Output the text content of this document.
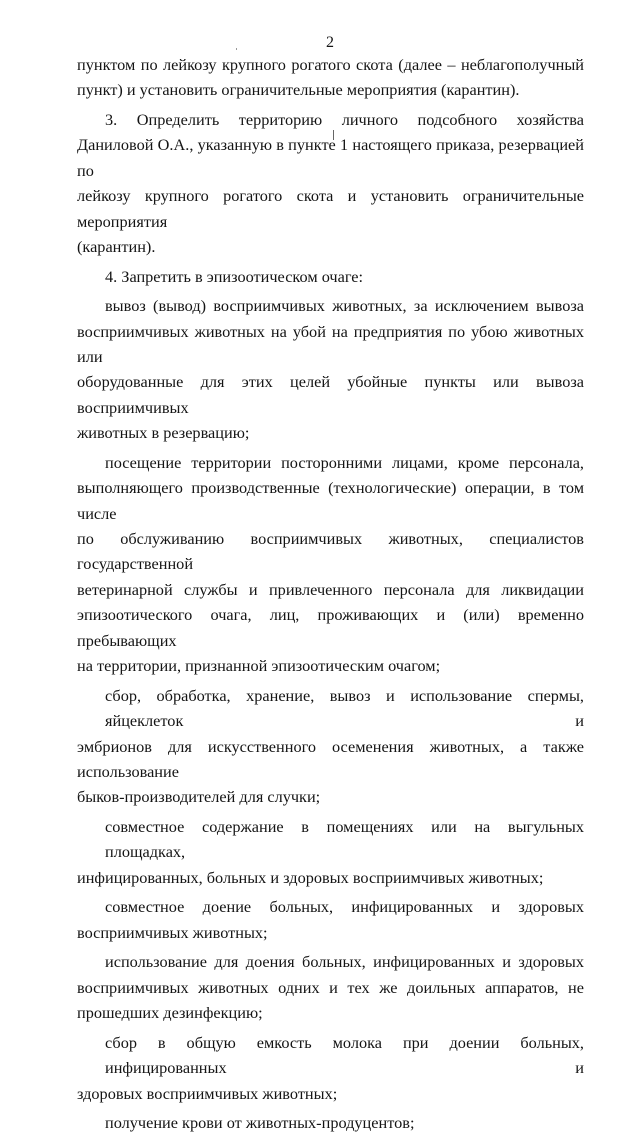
2
пунктом по лейкозу крупного рогатого скота (далее – неблагополучный
пункт) и установить ограничительные мероприятия (карантин).
3. Определить территорию личного подсобного хозяйства
Даниловой О.А., указанную в пункте 1 настоящего приказа, резервацией по
лейкозу крупного рогатого скота и установить ограничительные мероприятия
(карантин).
4. Запретить в эпизоотическом очаге:
вывоз (вывод) восприимчивых животных, за исключением вывоза
восприимчивых животных на убой на предприятия по убою животных или
оборудованные для этих целей убойные пункты или вывоза восприимчивых
животных в резервацию;
посещение территории посторонними лицами, кроме персонала,
выполняющего производственные (технологические) операции, в том числе
по обслуживанию восприимчивых животных, специалистов государственной
ветеринарной службы и привлеченного персонала для ликвидации
эпизоотического очага, лиц, проживающих и (или) временно пребывающих
на территории, признанной эпизоотическим очагом;
сбор, обработка, хранение, вывоз и использование спермы, яйцеклеток и
эмбрионов для искусственного осеменения животных, а также использование
быков-производителей для случки;
совместное содержание в помещениях или на выгульных площадках,
инфицированных, больных и здоровых восприимчивых животных;
совместное доение больных, инфицированных и здоровых
восприимчивых животных;
использование для доения больных, инфицированных и здоровых
восприимчивых животных одних и тех же доильных аппаратов, не
прошедших дезинфекцию;
сбор в общую емкость молока при доении больных, инфицированных и
здоровых восприимчивых животных;
получение крови от животных-продуцентов;
